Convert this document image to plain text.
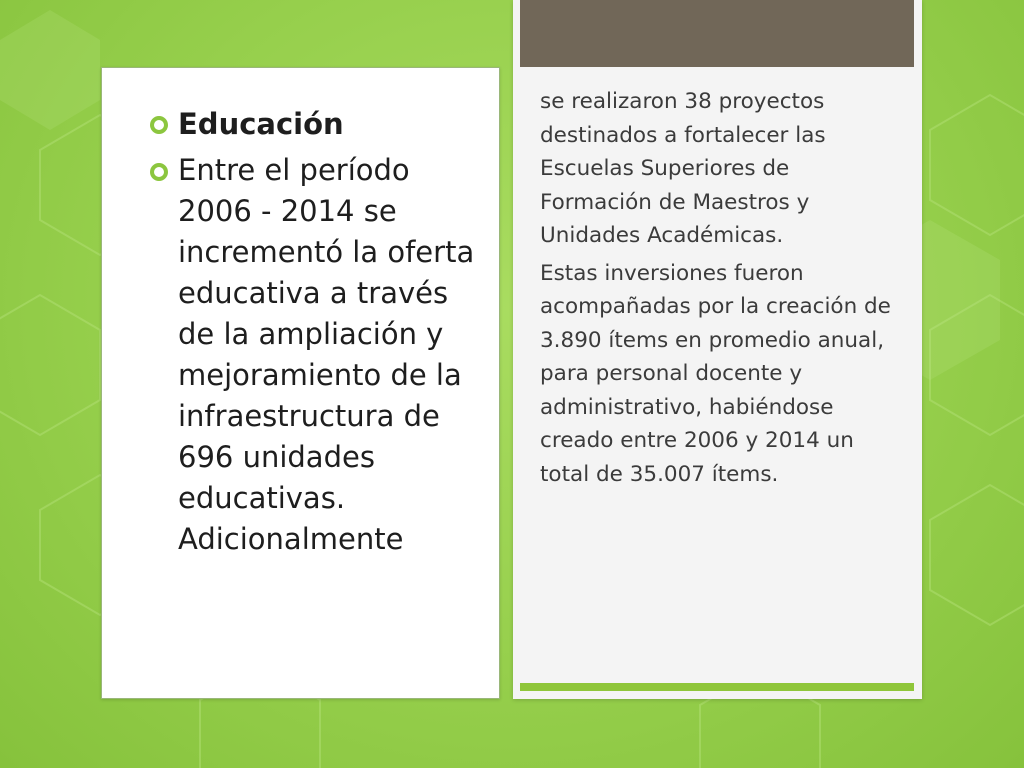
Educación
Entre el período 2006 - 2014 se incrementó la oferta educativa a través de la ampliación y mejoramiento de la infraestructura de 696 unidades educativas. Adicionalmente

se realizaron 38 proyectos destinados a fortalecer las Escuelas Superiores de Formación de Maestros y Unidades Académicas.

Estas inversiones fueron acompañadas por la creación de 3.890 ítems en promedio anual, para personal docente y administrativo, habiéndose creado entre 2006 y 2014 un total de 35.007 ítems.
